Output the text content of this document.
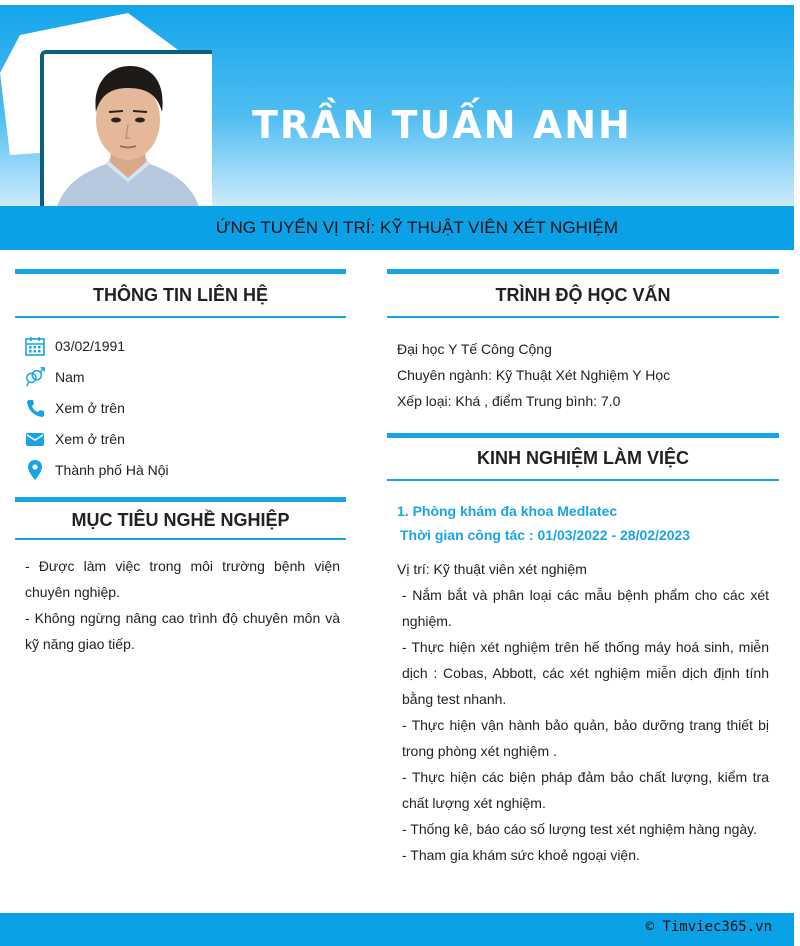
TRẦN TUẤN ANH
ỨNG TUYỂN VỊ TRÍ: KỸ THUẬT VIÊN XÉT NGHIỆM
THÔNG TIN LIÊN HỆ
03/02/1991
Nam
Xem ở trên
Xem ở trên
Thành phố Hà Nội
MỤC TIÊU NGHỀ NGHIỆP

- Được làm việc trong môi trường bệnh viện chuyên nghiệp.

- Không ngừng nâng cao trình độ chuyên môn và kỹ năng giao tiếp.

TRÌNH ĐỘ HỌC VẤN

Đại học Y Tế Công Cộng

Chuyên ngành: Kỹ Thuật Xét Nghiệm Y Học

Xếp loại: Khá , điểm Trung bình: 7.0

KINH NGHIỆM LÀM VIỆC
1. Phòng khám đa khoa Medlatec
Thời gian công tác : 01/03/2022 - 28/02/2023

Vị trí: Kỹ thuật viên xét nghiệm

- Nắm bắt và phân loại các mẫu bệnh phẩm cho các xét nghiệm.

- Thực hiện xét nghiệm trên hế thống máy hoá sinh, miễn dịch : Cobas, Abbott, các xét nghiệm miễn dịch định tính bằng test nhanh.

- Thực hiện vận hành bảo quản, bảo dưỡng trang thiết bị trong phòng xét nghiệm .

- Thực hiện các biện pháp đảm bảo chất lượng, kiểm tra chất lượng xét nghiệm.

- Thống kê, báo cáo số lượng test xét nghiệm hàng ngày.

- Tham gia khám sức khoẻ ngoại viện.

© Timviec365.vn
